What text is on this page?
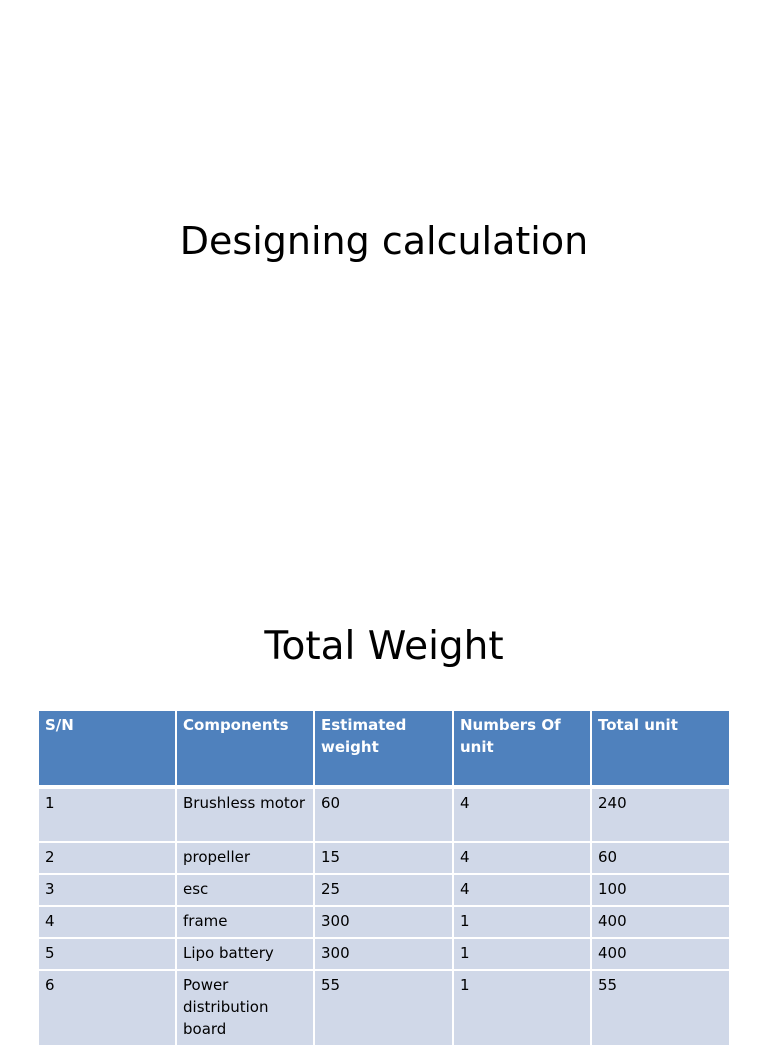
Designing calculation
Total Weight
S/N	Components	Estimated weight	Numbers Of unit	Total unit
1	Brushless motor	60	4	240
2	propeller	15	4	60
3	esc	25	4	100
4	frame	300	1	400
5	Lipo battery	300	1	400
6	Power distribution board	55	1	55
